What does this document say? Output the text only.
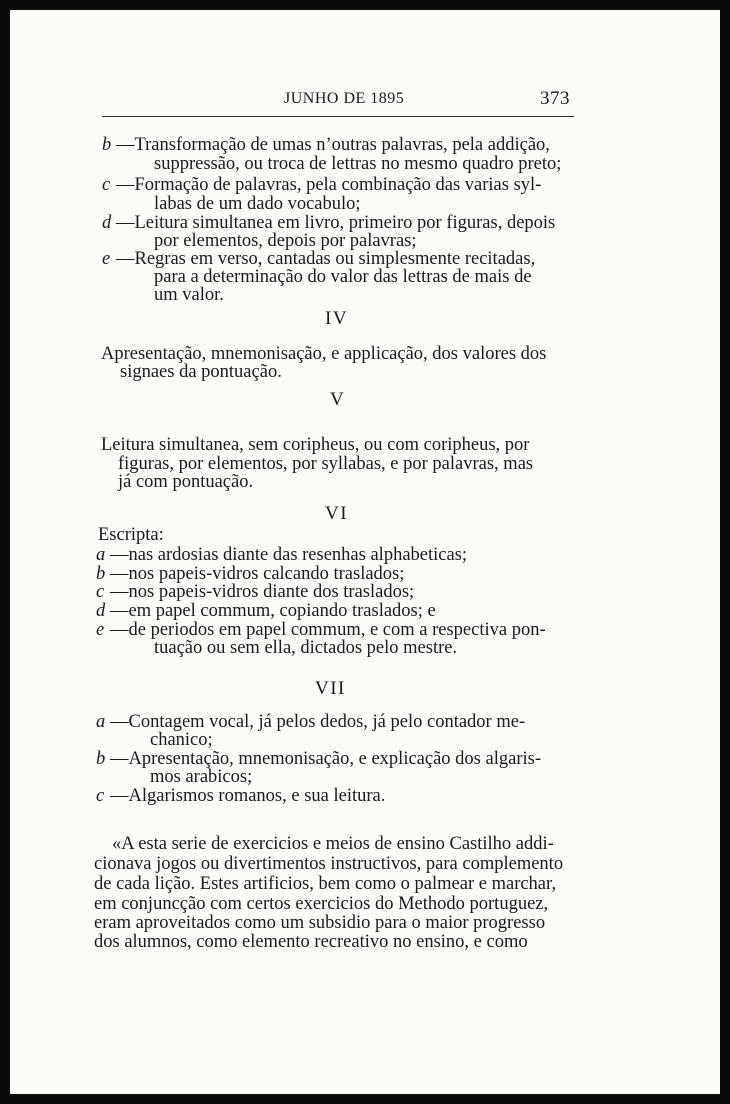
JUNHO DE 1895	373
b —Transformação de umas n’outras palavras, pela addição,
suppressão, ou troca de lettras no mesmo quadro preto;
c —Formação de palavras, pela combinação das varias syl-
labas de um dado vocabulo;
d —Leitura simultanea em livro, primeiro por figuras, depois
por elementos, depois por palavras;
e —Regras em verso, cantadas ou simplesmente recitadas,
para a determinação do valor das lettras de mais de
um valor.
IV
Apresentação, mnemonisação, e applicação, dos valores dos
signaes da pontuação.
V
Leitura simultanea, sem coripheus, ou com coripheus, por
figuras, por elementos, por syllabas, e por palavras, mas
já com pontuação.
VI
Escripta:
a —nas ardosias diante das resenhas alphabeticas;
b —nos papeis-vidros calcando traslados;
c —nos papeis-vidros diante dos traslados;
d —em papel commum, copiando traslados; e
e —de periodos em papel commum, e com a respectiva pon-
tuação ou sem ella, dictados pelo mestre.
VII
a —Contagem vocal, já pelos dedos, já pelo contador me-
chanico;
b —Apresentação, mnemonisação, e explicação dos algaris-
mos arabicos;
c —Algarismos romanos, e sua leitura.
«A esta serie de exercicios e meios de ensino Castilho addi-
cionava jogos ou divertimentos instructivos, para complemento
de cada lição. Estes artificios, bem como o palmear e marchar,
em conjuncção com certos exercicios do Methodo portuguez,
eram aproveitados como um subsidio para o maior progresso
dos alumnos, como elemento recreativo no ensino, e como
